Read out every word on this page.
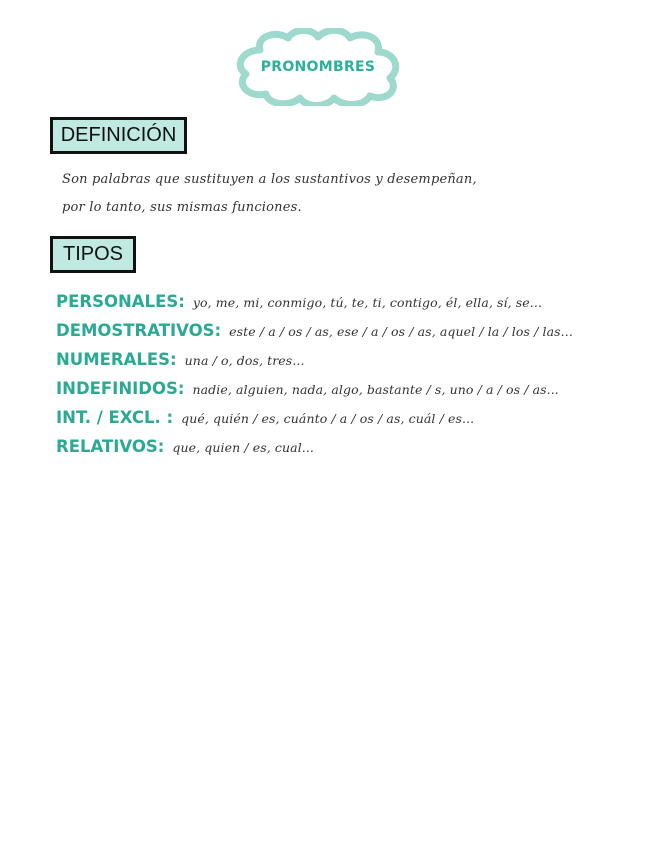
PRONOMBRES
DEFINICIÓN
Son palabras que sustituyen a los sustantivos y desempeñan,
por lo tanto, sus mismas funciones.
TIPOS
PERSONALES: yo, me, mi, conmigo, tú, te, ti, contigo, él, ella, sí, se...
DEMOSTRATIVOS: este / a / os / as, ese / a / os / as, aquel / la / los / las...
NUMERALES: una / o, dos, tres...
INDEFINIDOS: nadie, alguien, nada, algo, bastante / s, uno / a / os / as...
INT. / EXCL. : qué, quién / es, cuánto / a / os / as, cuál / es...
RELATIVOS: que, quien / es, cual...
